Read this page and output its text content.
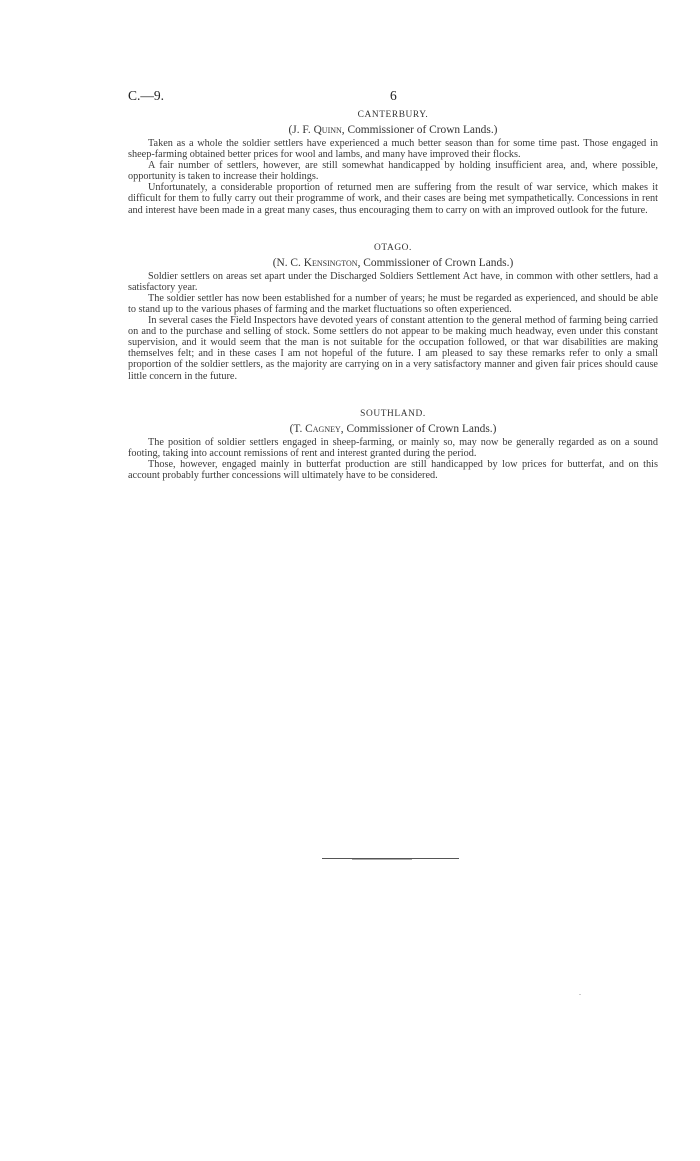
C.—9.	6

CANTERBURY.

(J. F. Quinn, Commissioner of Crown Lands.)

Taken as a whole the soldier settlers have experienced a much better season than for some time past. Those engaged in sheep-farming obtained better prices for wool and lambs, and many have improved their flocks.

A fair number of settlers, however, are still somewhat handicapped by holding insufficient area, and, where possible, opportunity is taken to increase their holdings.

Unfortunately, a considerable proportion of returned men are suffering from the result of war service, which makes it difficult for them to fully carry out their programme of work, and their cases are being met sympathetically. Concessions in rent and interest have been made in a great many cases, thus encouraging them to carry on with an improved outlook for the future.

OTAGO.

(N. C. Kensington, Commissioner of Crown Lands.)

Soldier settlers on areas set apart under the Discharged Soldiers Settlement Act have, in common with other settlers, had a satisfactory year.

The soldier settler has now been established for a number of years; he must be regarded as experienced, and should be able to stand up to the various phases of farming and the market fluctuations so often experienced.

In several cases the Field Inspectors have devoted years of constant attention to the general method of farming being carried on and to the purchase and selling of stock. Some settlers do not appear to be making much headway, even under this constant supervision, and it would seem that the man is not suitable for the occupation followed, or that war disabilities are making themselves felt; and in these cases I am not hopeful of the future. I am pleased to say these remarks refer to only a small proportion of the soldier settlers, as the majority are carrying on in a very satisfactory manner and given fair prices should cause little concern in the future.

SOUTHLAND.

(T. Cagney, Commissioner of Crown Lands.)

The position of soldier settlers engaged in sheep-farming, or mainly so, may now be generally regarded as on a sound footing, taking into account remissions of rent and interest granted during the period.

Those, however, engaged mainly in butterfat production are still handicapped by low prices for butterfat, and on this account probably further concessions will ultimately have to be considered.
